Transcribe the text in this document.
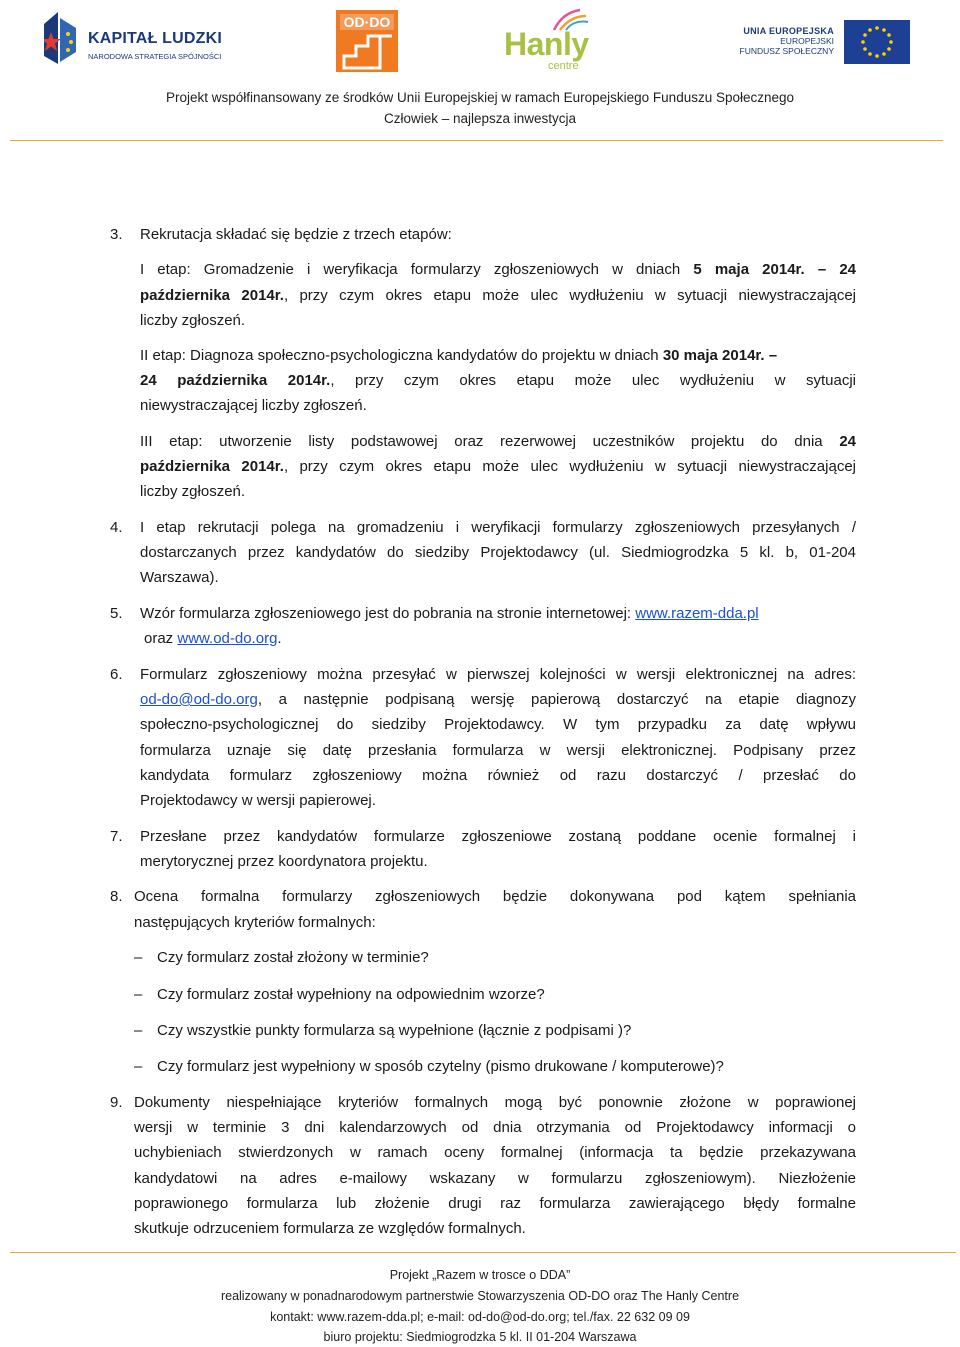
KAPITAŁ LUDZKI
NARODOWA STRATEGIA SPÓJNOŚCI
OD·DO
Hanly
centre
UNIA EUROPEJSKA
EUROPEJSKI
FUNDUSZ SPOŁECZNY
Projekt współfinansowany ze środków Unii Europejskiej w ramach Europejskiego Funduszu Społecznego
Człowiek – najlepsza inwestycja
3. Rekrutacja składać się będzie z trzech etapów:
I etap: Gromadzenie i weryfikacja formularzy zgłoszeniowych w dniach 5 maja 2014r. – 24
października 2014r., przy czym okres etapu może ulec wydłużeniu w sytuacji niewystraczającej
liczby zgłoszeń.
II etap: Diagnoza społeczno-psychologiczna kandydatów do projektu w dniach 30 maja 2014r. –
24 października 2014r., przy czym okres etapu może ulec wydłużeniu w sytuacji
niewystraczającej liczby zgłoszeń.
III etap: utworzenie listy podstawowej oraz rezerwowej uczestników projektu do dnia 24
października 2014r., przy czym okres etapu może ulec wydłużeniu w sytuacji niewystraczającej
liczby zgłoszeń.
4. I etap rekrutacji polega na gromadzeniu i weryfikacji formularzy zgłoszeniowych przesyłanych /
dostarczanych przez kandydatów do siedziby Projektodawcy (ul. Siedmiogrodzka 5 kl. b, 01-204
Warszawa).
5. Wzór formularza zgłoszeniowego jest do pobrania na stronie internetowej: www.razem-dda.pl
oraz www.od-do.org.
6. Formularz zgłoszeniowy można przesyłać w pierwszej kolejności w wersji elektronicznej na adres:
od-do@od-do.org, a następnie podpisaną wersję papierową dostarczyć na etapie diagnozy
społeczno-psychologicznej do siedziby Projektodawcy. W tym przypadku za datę wpływu
formularza uznaje się datę przesłania formularza w wersji elektronicznej. Podpisany przez
kandydata formularz zgłoszeniowy można również od razu dostarczyć / przesłać do
Projektodawcy w wersji papierowej.
7. Przesłane przez kandydatów formularze zgłoszeniowe zostaną poddane ocenie formalnej i
merytorycznej przez koordynatora projektu.
8. Ocena formalna formularzy zgłoszeniowych będzie dokonywana pod kątem spełniania
następujących kryteriów formalnych:
– Czy formularz został złożony w terminie?
– Czy formularz został wypełniony na odpowiednim wzorze?
– Czy wszystkie punkty formularza są wypełnione (łącznie z podpisami )?
– Czy formularz jest wypełniony w sposób czytelny (pismo drukowane / komputerowe)?
9. Dokumenty niespełniające kryteriów formalnych mogą być ponownie złożone w poprawionej
wersji w terminie 3 dni kalendarzowych od dnia otrzymania od Projektodawcy informacji o
uchybieniach stwierdzonych w ramach oceny formalnej (informacja ta będzie przekazywana
kandydatowi na adres e-mailowy wskazany w formularzu zgłoszeniowym). Niezłożenie
poprawionego formularza lub złożenie drugi raz formularza zawierającego błędy formalne
skutkuje odrzuceniem formularza ze względów formalnych.
Projekt „Razem w trosce o DDA”
realizowany w ponadnarodowym partnerstwie Stowarzyszenia OD-DO oraz The Hanly Centre
kontakt: www.razem-dda.pl; e-mail: od-do@od-do.org; tel./fax. 22 632 09 09
biuro projektu: Siedmiogrodzka 5 kl. II 01-204 Warszawa
